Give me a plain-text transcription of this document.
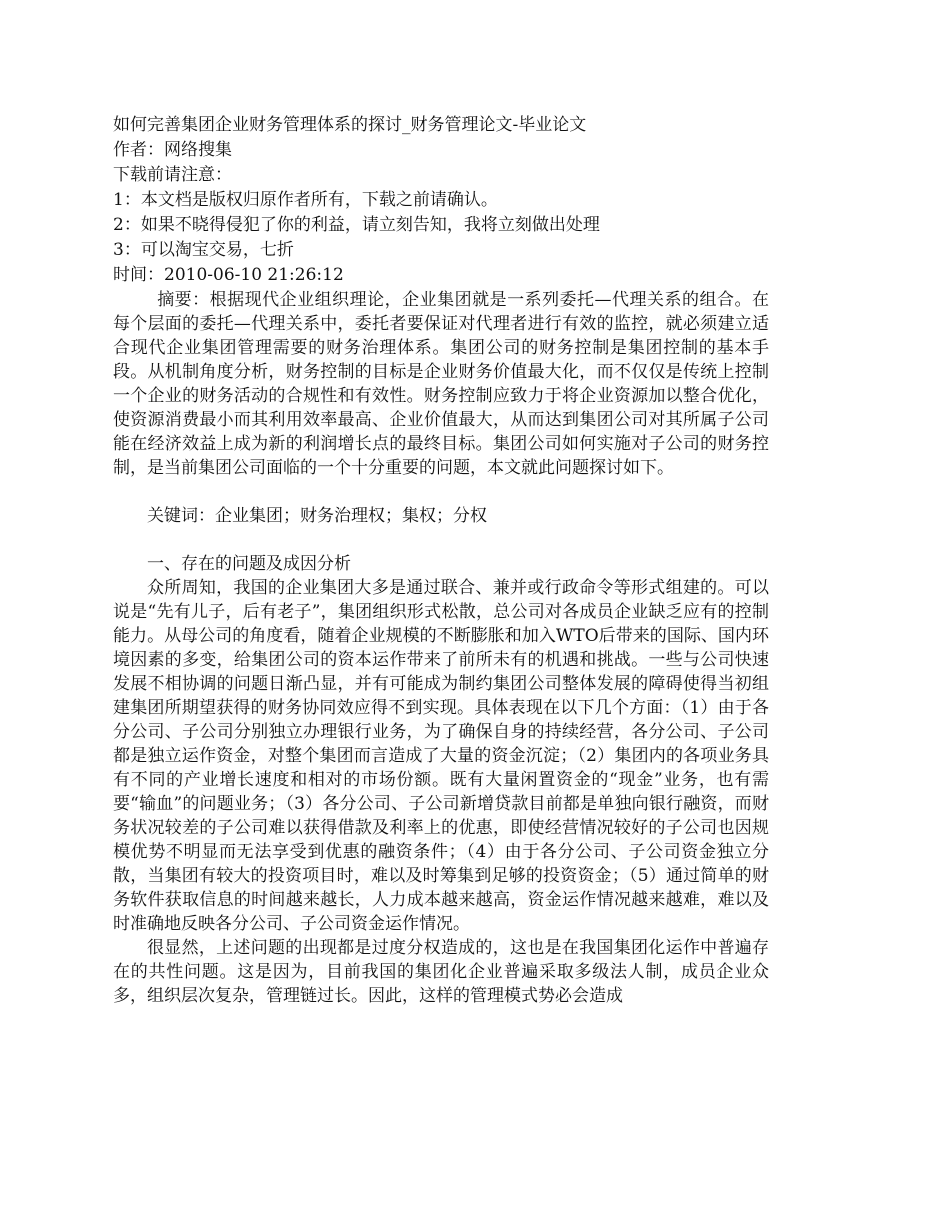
如何完善集团企业财务管理体系的探讨_财务管理论文-毕业论文
作者：网络搜集
下载前请注意：
1：本文档是版权归原作者所有，下载之前请确认。
2：如果不晓得侵犯了你的利益，请立刻告知，我将立刻做出处理
3：可以淘宝交易，七折
时间：2010-06-10 21:26:12

摘要：根据现代企业组织理论，企业集团就是一系列委托—代理关系的组合。在每个层面的委托—代理关系中，委托者要保证对代理者进行有效的监控，就必须建立适合现代企业集团管理需要的财务治理体系。集团公司的财务控制是集团控制的基本手段。从机制角度分析，财务控制的目标是企业财务价值最大化，而不仅仅是传统上控制一个企业的财务活动的合规性和有效性。财务控制应致力于将企业资源加以整合优化，使资源消费最小而其利用效率最高、企业价值最大，从而达到集团公司对其所属子公司能在经济效益上成为新的利润增长点的最终目标。集团公司如何实施对子公司的财务控制，是当前集团公司面临的一个十分重要的问题，本文就此问题探讨如下。

关键词：企业集团；财务治理权；集权；分权

一、存在的问题及成因分析

众所周知，我国的企业集团大多是通过联合、兼并或行政命令等形式组建的。可以说是“先有儿子，后有老子”，集团组织形式松散，总公司对各成员企业缺乏应有的控制能力。从母公司的角度看，随着企业规模的不断膨胀和加入WTO后带来的国际、国内环境因素的多变，给集团公司的资本运作带来了前所未有的机遇和挑战。一些与公司快速发展不相协调的问题日渐凸显，并有可能成为制约集团公司整体发展的障碍使得当初组建集团所期望获得的财务协同效应得不到实现。具体表现在以下几个方面：（1）由于各分公司、子公司分别独立办理银行业务，为了确保自身的持续经营，各分公司、子公司都是独立运作资金，对整个集团而言造成了大量的资金沉淀；（2）集团内的各项业务具有不同的产业增长速度和相对的市场份额。既有大量闲置资金的“现金”业务，也有需要“输血”的问题业务；（3）各分公司、子公司新增贷款目前都是单独向银行融资，而财务状况较差的子公司难以获得借款及利率上的优惠，即使经营情况较好的子公司也因规模优势不明显而无法享受到优惠的融资条件；（4）由于各分公司、子公司资金独立分散，当集团有较大的投资项目时，难以及时筹集到足够的投资资金；（5）通过简单的财务软件获取信息的时间越来越长，人力成本越来越高，资金运作情况越来越难，难以及时准确地反映各分公司、子公司资金运作情况。

很显然，上述问题的出现都是过度分权造成的，这也是在我国集团化运作中普遍存在的共性问题。这是因为，目前我国的集团化企业普遍采取多级法人制，成员企业众多，组织层次复杂，管理链过长。因此，这样的管理模式势必会造成
